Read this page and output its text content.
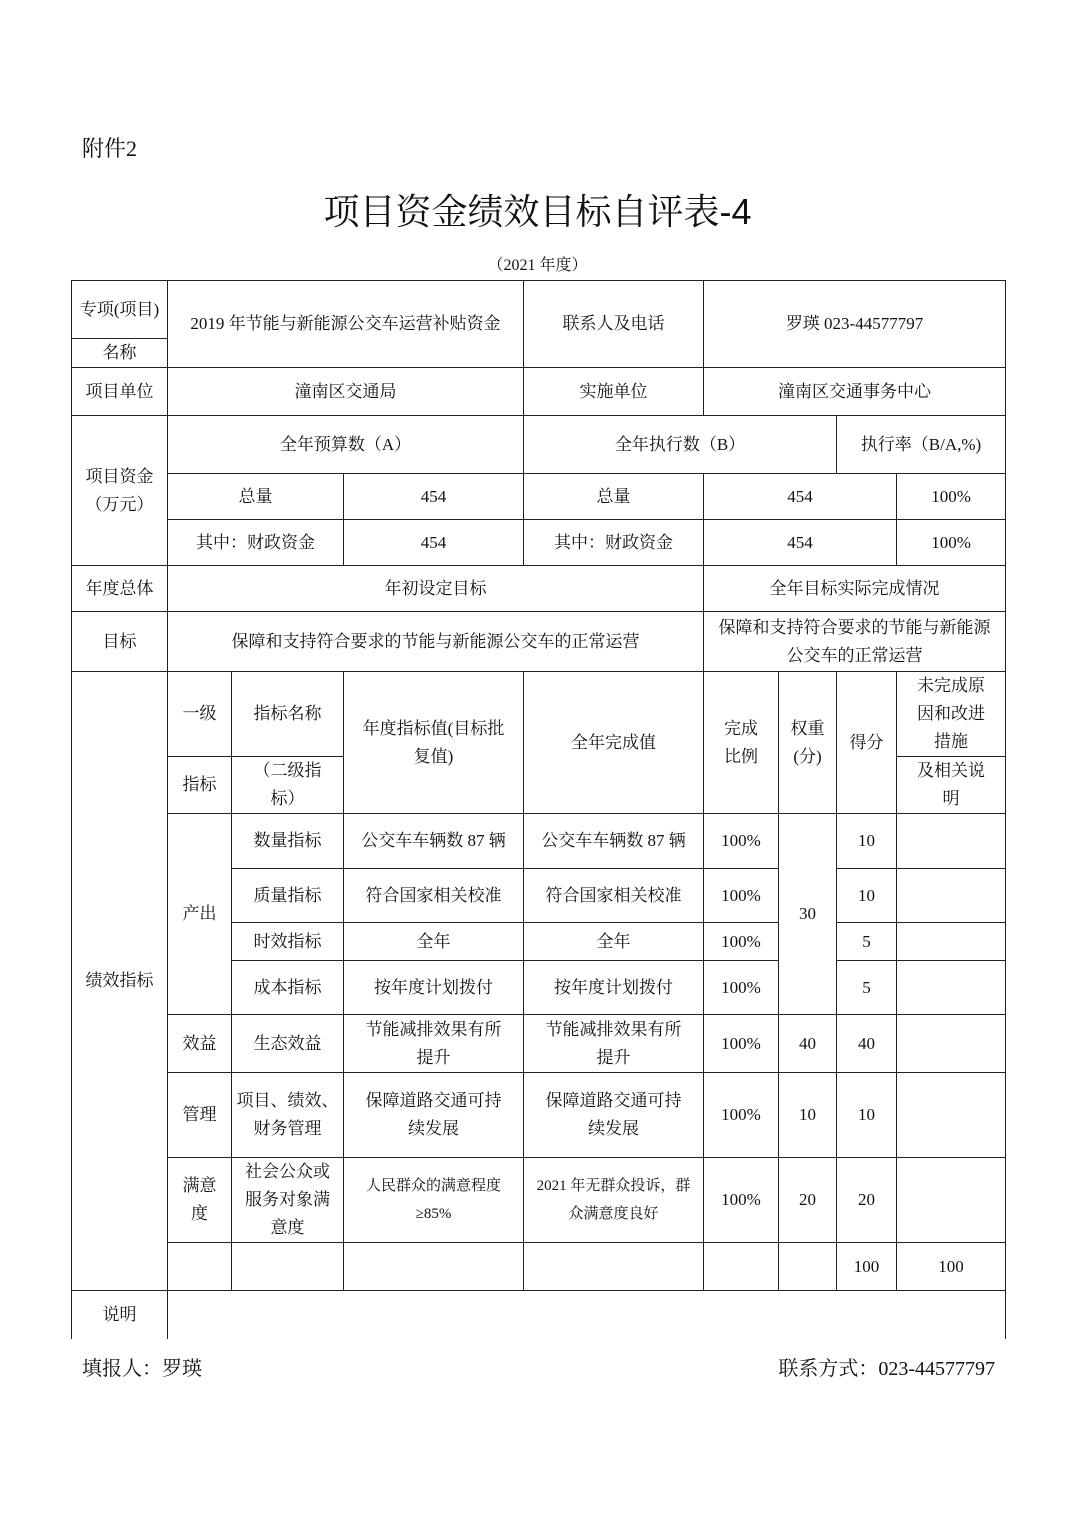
附件2
项目资金绩效目标自评表-4
（2021 年度）
专项(项目)	2019 年节能与新能源公交车运营补贴资金			联系人及电话	罗瑛 023-44577797				
名称									
项目单位	潼南区交通局			实施单位	潼南区交通事务中心				
项目资金（万元）	全年预算数（A）			全年执行数（B）			执行率（B/A,%)		
	总量		454	总量	454			100%	
	其中：财政资金		454	其中：财政资金	454			100%	
年度总体	年初设定目标				全年目标实际完成情况				
目标	保障和支持符合要求的节能与新能源公交车的正常运营				保障和支持符合要求的节能与新能源公交车的正常运营				
绩效指标	一级	指标名称	年度指标值(目标批复值)	全年完成值	完成比例	权重(分)	得分	未完成原因和改进措施	
	指标	（二级指标）						及相关说明	
	产出	数量指标	公交车车辆数 87 辆	公交车车辆数 87 辆	100%	30	10		
		质量指标	符合国家相关校准	符合国家相关校准	100%		10		
		时效指标	全年	全年	100%		5		
		成本指标	按年度计划拨付	按年度计划拨付	100%		5		
	效益	生态效益	节能减排效果有所提升	节能减排效果有所提升	100%	40	40		
	管理	项目、绩效、财务管理	保障道路交通可持续发展	保障道路交通可持续发展	100%	10	10		
	满意度	社会公众或服务对象满意度	人民群众的满意程度≥85%	2021 年无群众投诉，群众满意度良好	100%	20	20		
							100	100	
说明									
填报人：罗瑛	联系方式：023-44577797
